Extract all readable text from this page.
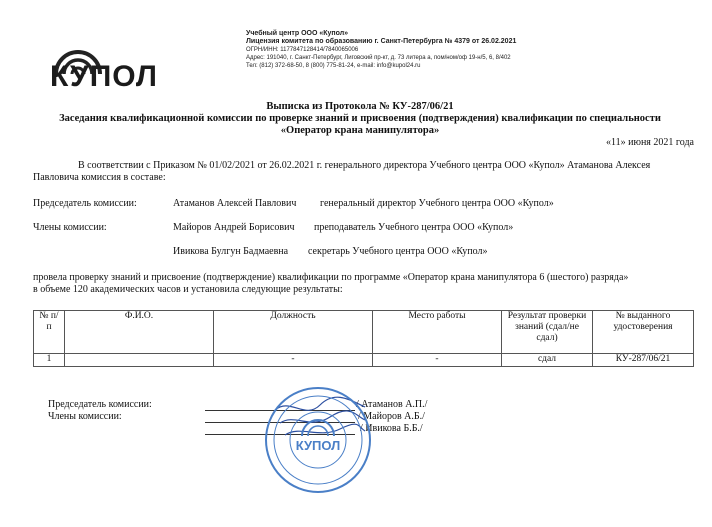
КУПОЛ
Учебный центр ООО «Купол»
Лицензия комитета по образованию г. Санкт-Петербурга № 4379 от 26.02.2021
ОГРН/ИНН: 1177847128414/7840065006
Адрес: 191040, г. Санкт-Петербург, Лиговский пр-кт, д. 73 литера а, пом/ном/оф 19-н/5, 6, 8/402
Тел: (812) 372-68-50, 8 (800) 775-81-24, e-mail: info@kupol24.ru
Выписка из Протокола № КУ-287/06/21
Заседания квалификационной комиссии по проверке знаний и присвоения (подтверждения) квалификации по специальности
«Оператор крана манипулятора»
«11» июня 2021 года
В соответствии с Приказом № 01/02/2021 от 26.02.2021 г. генерального директора Учебного центра ООО «Купол» Атаманова Алексея
Павловича комиссия в составе:
Председатель комиссии:	Атаманов Алексей Павлович генеральный директор Учебного центра ООО «Купол»
Члены комиссии:	Майоров Андрей Борисович преподаватель Учебного центра ООО «Купол»
Ивикова Булгун Бадмаевна секретарь Учебного центра ООО «Купол»
провела проверку знаний и присвоение (подтверждение) квалификации по программе «Оператор крана манипулятора 6 (шестого) разряда»
в объеме 120 академических часов и установила следующие результаты:
№ п/п	Ф.И.О.	Должность	Место работы	Результат проверки знаний (сдал/не сдал)	№ выданного удостоверения
1		-	-	сдал	КУ-287/06/21
Председатель комиссии:	/ Атаманов А.П./
Члены комиссии:	/ Майоров А.Б./
/ Ивикова Б.Б./
КУПОЛ
